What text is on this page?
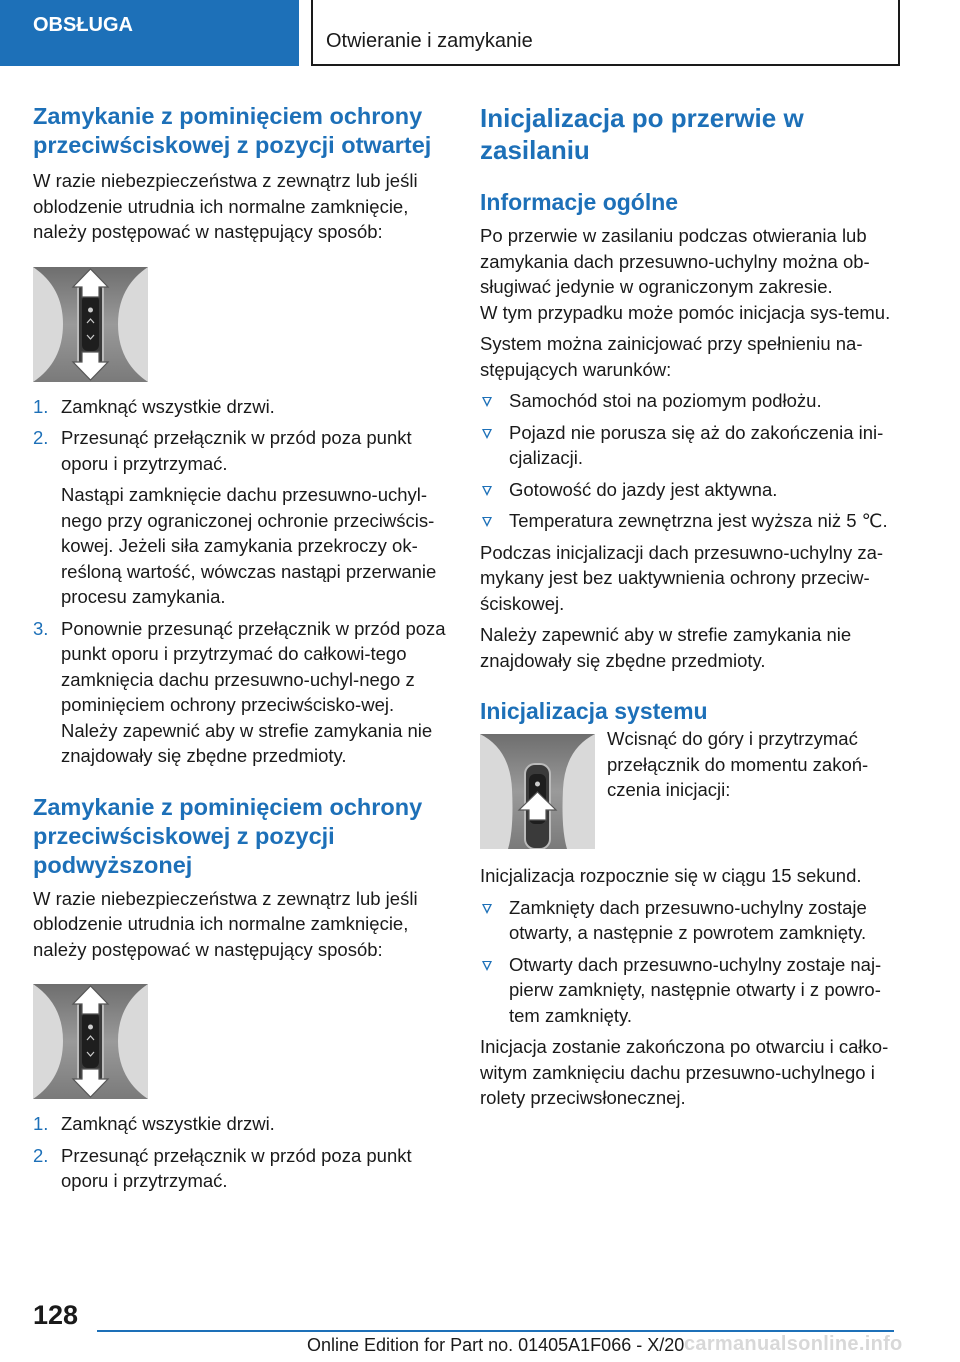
OBSŁUGA
Otwieranie i zamykanie
Zamykanie z pominięciem ochrony przeciwściskowej z pozycji otwartej

W razie niebezpieczeństwa z zewnątrz lub jeśli oblodzenie utrudnia ich normalne zamknięcie, należy postępować w następujący sposób:

1. Zamknąć wszystkie drzwi.

2. Przesunąć przełącznik w przód poza punkt oporu i przytrzymać.

Nastąpi zamknięcie dachu przesuwno-uchyl‐nego przy ograniczonej ochronie przeciwścis‐kowej. Jeżeli siła zamykania przekroczy ok‐reśloną wartość, wówczas nastąpi przerwanie procesu zamykania.

3. Ponownie przesunąć przełącznik w przód poza punkt oporu i przytrzymać do całkowi‐tego zamknięcia dachu przesuwno-uchyl‐nego z pominięciem ochrony przeciwścisko‐wej. Należy zapewnić aby w strefie zamykania nie znajdowały się zbędne przedmioty.

Zamykanie z pominięciem ochrony przeciwściskowej z pozycji podwyższonej

W razie niebezpieczeństwa z zewnątrz lub jeśli oblodzenie utrudnia ich normalne zamknięcie, należy postępować w następujący sposób:

1. Zamknąć wszystkie drzwi.

2. Przesunąć przełącznik w przód poza punkt oporu i przytrzymać.

Inicjalizacja po przerwie w zasilaniu
Informacje ogólne

Po przerwie w zasilaniu podczas otwierania lub zamykania dach przesuwno-uchylny można ob‐sługiwać jedynie w ograniczonym zakresie.

W tym przypadku może pomóc inicjacja sys‐temu.

System można zainicjować przy spełnieniu na‐stępujących warunków:

Samochód stoi na poziomym podłożu.
Pojazd nie porusza się aż do zakończenia ini‐cjalizacji.
Gotowość do jazdy jest aktywna.
Temperatura zewnętrzna jest wyższa niż 5 ℃.

Podczas inicjalizacji dach przesuwno-uchylny za‐mykany jest bez uaktywnienia ochrony przeciw‐ściskowej.

Należy zapewnić aby w strefie zamykania nie znajdowały się zbędne przedmioty.

Inicjalizacja systemu

Wcisnąć do góry i przytrzymać przełącznik do momentu zakoń‐czenia inicjacji:

Inicjalizacja rozpocznie się w ciągu 15 sekund.

Zamknięty dach przesuwno-uchylny zostaje otwarty, a następnie z powrotem zamknięty.
Otwarty dach przesuwno-uchylny zostaje naj‐pierw zamknięty, następnie otwarty i z powro‐tem zamknięty.

Inicjacja zostanie zakończona po otwarciu i całko‐witym zamknięciu dachu przesuwno-uchylnego i rolety przeciwsłonecznej.

128
Online Edition for Part no. 01405A1F066 - X/20 carmanualsonline.info
